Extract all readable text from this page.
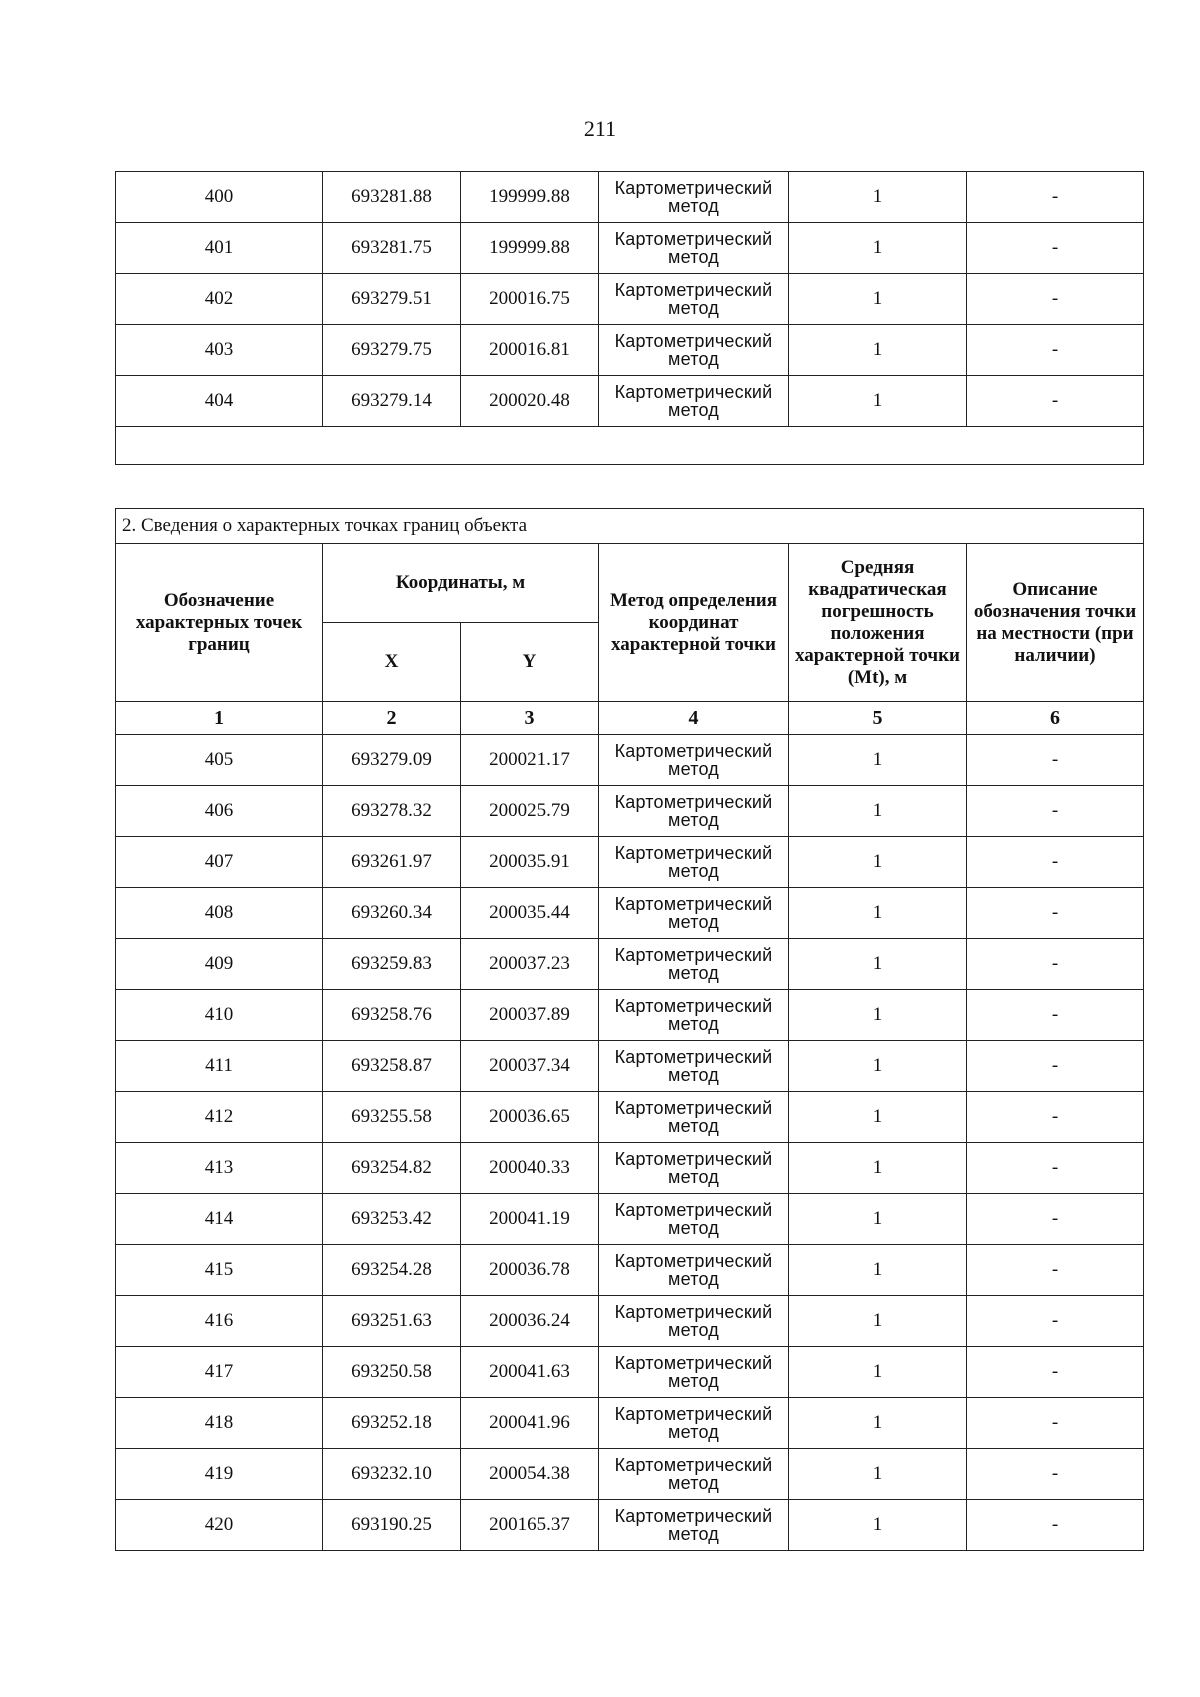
211
400	693281.88	199999.88	Картометрический
метод	1	-
401	693281.75	199999.88	Картометрический
метод	1	-
402	693279.51	200016.75	Картометрический
метод	1	-
403	693279.75	200016.81	Картометрический
метод	1	-
404	693279.14	200020.48	Картометрический
метод	1	-

2. Сведения о характерных точках границ объекта					
Обозначение характерных точек границ	Координаты, м		Метод определения координат характерной точки	Средняя квадратическая погрешность положения характерной точки (Mt), м	Описание обозначения точки на местности (при наличии)
	X	Y			
1	2	3	4	5	6
405	693279.09	200021.17	Картометрический
метод	1	-
406	693278.32	200025.79	Картометрический
метод	1	-
407	693261.97	200035.91	Картометрический
метод	1	-
408	693260.34	200035.44	Картометрический
метод	1	-
409	693259.83	200037.23	Картометрический
метод	1	-
410	693258.76	200037.89	Картометрический
метод	1	-
411	693258.87	200037.34	Картометрический
метод	1	-
412	693255.58	200036.65	Картометрический
метод	1	-
413	693254.82	200040.33	Картометрический
метод	1	-
414	693253.42	200041.19	Картометрический
метод	1	-
415	693254.28	200036.78	Картометрический
метод	1	-
416	693251.63	200036.24	Картометрический
метод	1	-
417	693250.58	200041.63	Картометрический
метод	1	-
418	693252.18	200041.96	Картометрический
метод	1	-
419	693232.10	200054.38	Картометрический
метод	1	-
420	693190.25	200165.37	Картометрический
метод	1	-
